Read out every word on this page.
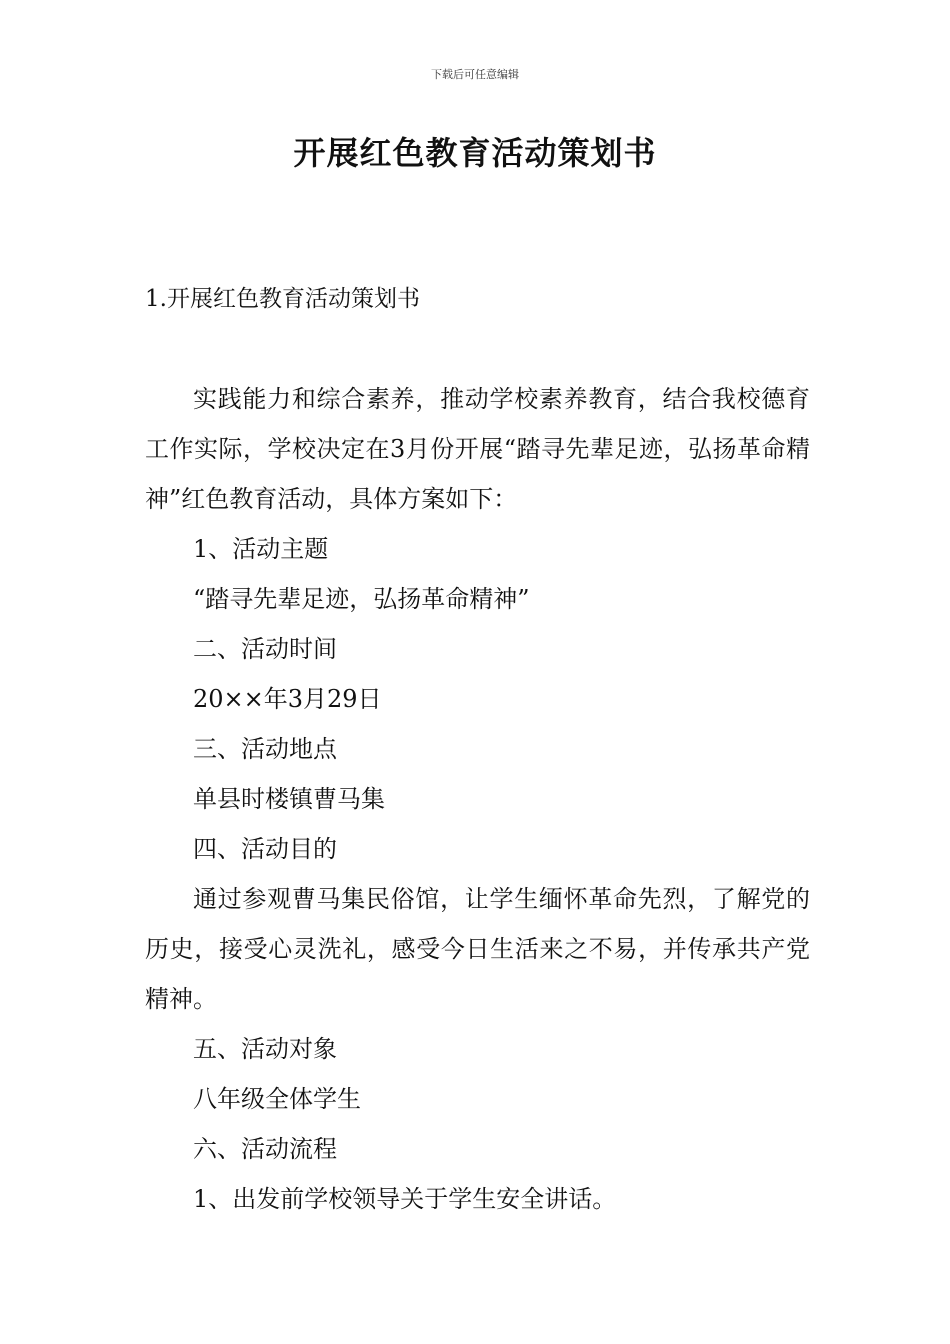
下载后可任意编辑
开展红色教育活动策划书
1.开展红色教育活动策划书

实践能力和综合素养，推动学校素养教育，结合我校德育工作实际，学校决定在3月份开展“踏寻先辈足迹，弘扬革命精神”红色教育活动，具体方案如下：

1、活动主题

“踏寻先辈足迹，弘扬革命精神”

二、活动时间

20××年3月29日

三、活动地点

单县时楼镇曹马集

四、活动目的

通过参观曹马集民俗馆，让学生缅怀革命先烈，了解党的历史，接受心灵洗礼，感受今日生活来之不易，并传承共产党精神。

五、活动对象

八年级全体学生

六、活动流程

1、出发前学校领导关于学生安全讲话。
